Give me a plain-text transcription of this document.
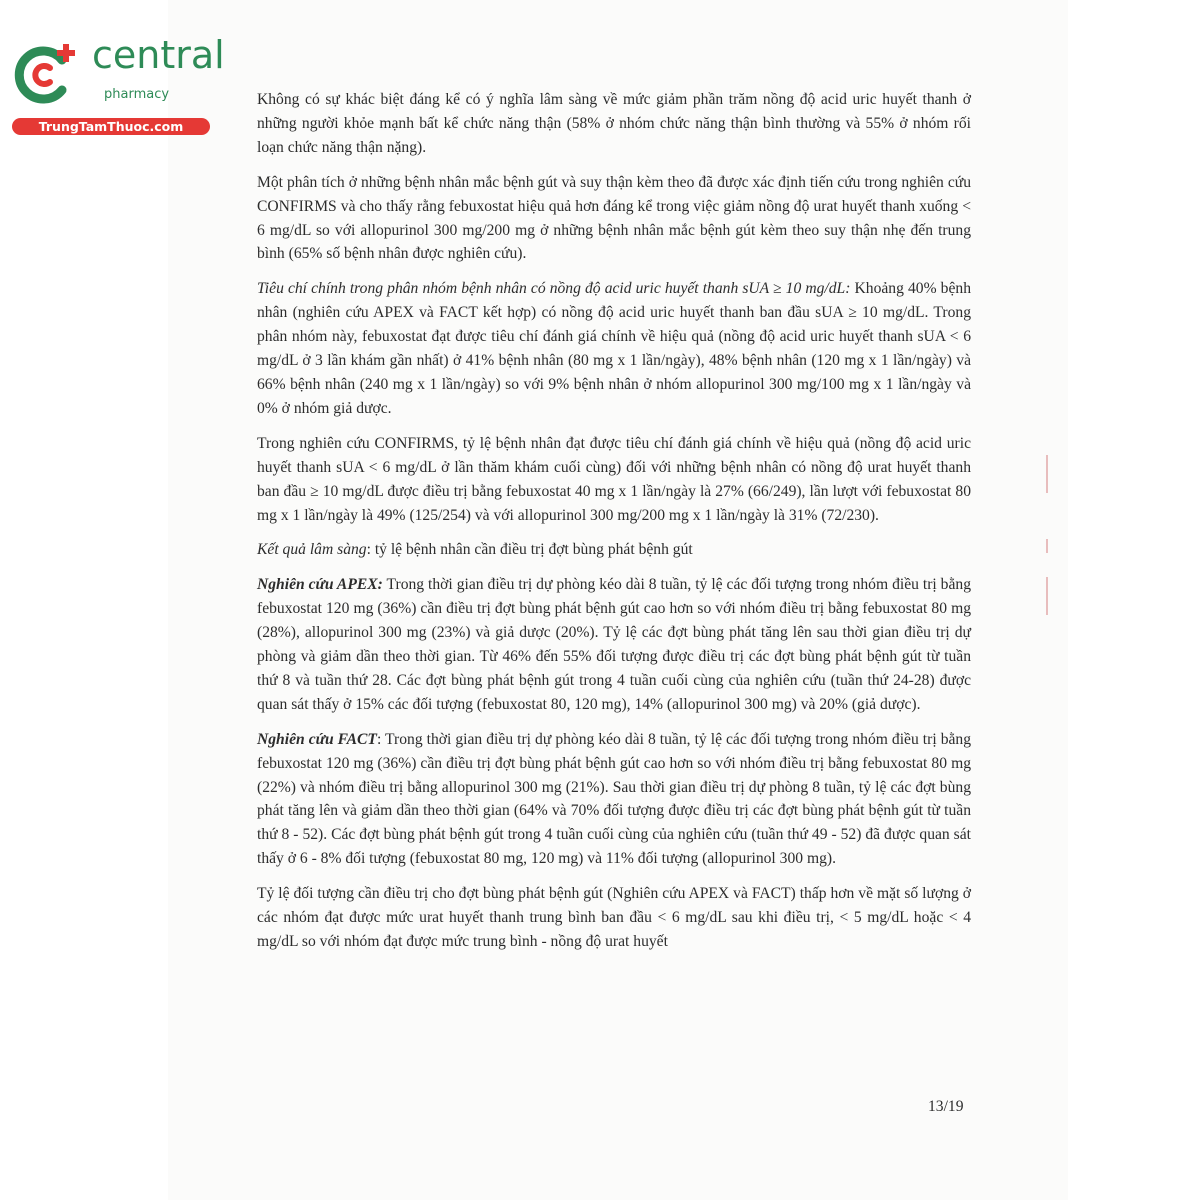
central
pharmacy
TrungTamThuoc.com

Không có sự khác biệt đáng kể có ý nghĩa lâm sàng về mức giảm phần trăm nồng độ acid uric huyết thanh ở những người khỏe mạnh bất kể chức năng thận (58% ở nhóm chức năng thận bình thường và 55% ở nhóm rối loạn chức năng thận nặng).

Một phân tích ở những bệnh nhân mắc bệnh gút và suy thận kèm theo đã được xác định tiến cứu trong nghiên cứu CONFIRMS và cho thấy rằng febuxostat hiệu quả hơn đáng kể trong việc giảm nồng độ urat huyết thanh xuống < 6 mg/dL so với allopurinol 300 mg/200 mg ở những bệnh nhân mắc bệnh gút kèm theo suy thận nhẹ đến trung bình (65% số bệnh nhân được nghiên cứu).

Tiêu chí chính trong phân nhóm bệnh nhân có nồng độ acid uric huyết thanh sUA ≥ 10 mg/dL: Khoảng 40% bệnh nhân (nghiên cứu APEX và FACT kết hợp) có nồng độ acid uric huyết thanh ban đầu sUA ≥ 10 mg/dL. Trong phân nhóm này, febuxostat đạt được tiêu chí đánh giá chính về hiệu quả (nồng độ acid uric huyết thanh sUA < 6 mg/dL ở 3 lần khám gần nhất) ở 41% bệnh nhân (80 mg x 1 lần/ngày), 48% bệnh nhân (120 mg x 1 lần/ngày) và 66% bệnh nhân (240 mg x 1 lần/ngày) so với 9% bệnh nhân ở nhóm allopurinol 300 mg/100 mg x 1 lần/ngày và 0% ở nhóm giả dược.

Trong nghiên cứu CONFIRMS, tỷ lệ bệnh nhân đạt được tiêu chí đánh giá chính về hiệu quả (nồng độ acid uric huyết thanh sUA < 6 mg/dL ở lần thăm khám cuối cùng) đối với những bệnh nhân có nồng độ urat huyết thanh ban đầu ≥ 10 mg/dL được điều trị bằng febuxostat 40 mg x 1 lần/ngày là 27% (66/249), lần lượt với febuxostat 80 mg x 1 lần/ngày là 49% (125/254) và với allopurinol 300 mg/200 mg x 1 lần/ngày là 31% (72/230).

Kết quả lâm sàng: tỷ lệ bệnh nhân cần điều trị đợt bùng phát bệnh gút

Nghiên cứu APEX: Trong thời gian điều trị dự phòng kéo dài 8 tuần, tỷ lệ các đối tượng trong nhóm điều trị bằng febuxostat 120 mg (36%) cần điều trị đợt bùng phát bệnh gút cao hơn so với nhóm điều trị bằng febuxostat 80 mg (28%), allopurinol 300 mg (23%) và giả dược (20%). Tỷ lệ các đợt bùng phát tăng lên sau thời gian điều trị dự phòng và giảm dần theo thời gian. Từ 46% đến 55% đối tượng được điều trị các đợt bùng phát bệnh gút từ tuần thứ 8 và tuần thứ 28. Các đợt bùng phát bệnh gút trong 4 tuần cuối cùng của nghiên cứu (tuần thứ 24-28) được quan sát thấy ở 15% các đối tượng (febuxostat 80, 120 mg), 14% (allopurinol 300 mg) và 20% (giả dược).

Nghiên cứu FACT: Trong thời gian điều trị dự phòng kéo dài 8 tuần, tỷ lệ các đối tượng trong nhóm điều trị bằng febuxostat 120 mg (36%) cần điều trị đợt bùng phát bệnh gút cao hơn so với nhóm điều trị bằng febuxostat 80 mg (22%) và nhóm điều trị bằng allopurinol 300 mg (21%). Sau thời gian điều trị dự phòng 8 tuần, tỷ lệ các đợt bùng phát tăng lên và giảm dần theo thời gian (64% và 70% đối tượng được điều trị các đợt bùng phát bệnh gút từ tuần thứ 8 - 52). Các đợt bùng phát bệnh gút trong 4 tuần cuối cùng của nghiên cứu (tuần thứ 49 - 52) đã được quan sát thấy ở 6 - 8% đối tượng (febuxostat 80 mg, 120 mg) và 11% đối tượng (allopurinol 300 mg).

Tỷ lệ đối tượng cần điều trị cho đợt bùng phát bệnh gút (Nghiên cứu APEX và FACT) thấp hơn về mặt số lượng ở các nhóm đạt được mức urat huyết thanh trung bình ban đầu < 6 mg/dL sau khi điều trị, < 5 mg/dL hoặc < 4 mg/dL so với nhóm đạt được mức trung bình - nồng độ urat huyết

13/19
